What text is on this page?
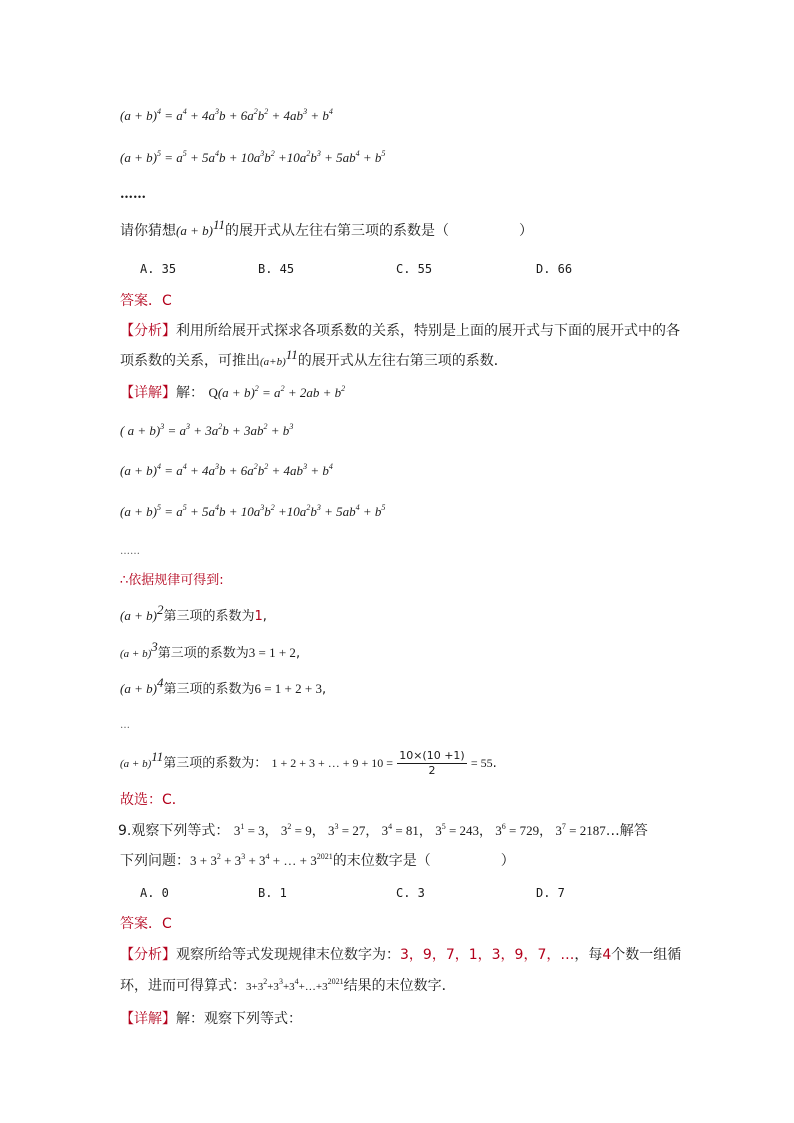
$(a + b)^4 = a^4 + 4a^3b + 6a^2b^2 + 4ab^3 + b^4$
$(a + b)^5 = a^5 + 5a^4b + 10a^3b^2 +10a^2b^3 + 5ab^4 + b^5$
……
请你猜想$(a + b)^{11}$的展开式从左往右第三项的系数是（	）
A. 35	B. 45	C. 55	D. 66
答案．C
【分析】利用所给展开式探求各项系数的关系，特别是上面的展开式与下面的展开式中的各
项系数的关系，可推出$(a+b)^{11}$的展开式从左往右第三项的系数．
【详解】解： $Q(a + b)^2 = a^2 + 2ab + b^2$
( $a + b)^3 = a^3 + 3a^2b + 3ab^2 + b^3$
$(a + b)^4 = a^4 + 4a^3b + 6a^2b^2 + 4ab^3 + b^4$
$(a + b)^5 = a^5 + 5a^4b + 10a^3b^2 +10a^2b^3 + 5ab^4 + b^5$
……
∴依据规律可得到:
$(a + b)^2$第三项的系数为1,
$(a + b)^3$第三项的系数为3 = 1 + 2,
$(a + b)^4$第三项的系数为6 = 1 + 2 + 3,
…
$(a + b)^{11}$第三项的系数为： 1 + 2 + 3 + … + $9 + 10 = \frac{10\times(10 +1)}{2} = 55$.
故选：C．
9.观察下列等式： $3^1 = 3$， $3^2 = 9$， $3^3 = 27$， $3^4 = 81$， $3^5 = 243$， $3^6 = 729$， $3^7$ = 2187…解答
下列问题：$3 + 3^2 + 3^3 + 3^4$ + … + $3^{2021}$的末位数字是（	）
A. 0	B. 1	C. 3	D. 7
答案．C
【分析】观察所给等式发现规律末位数字为：3，9，7，1，3，9，7，…，每4个数一组循
环，进而可得算式：$3+3^2+3^3+3^4+\dots+3^{2021}$结果的末位数字．
【详解】解：观察下列等式：
